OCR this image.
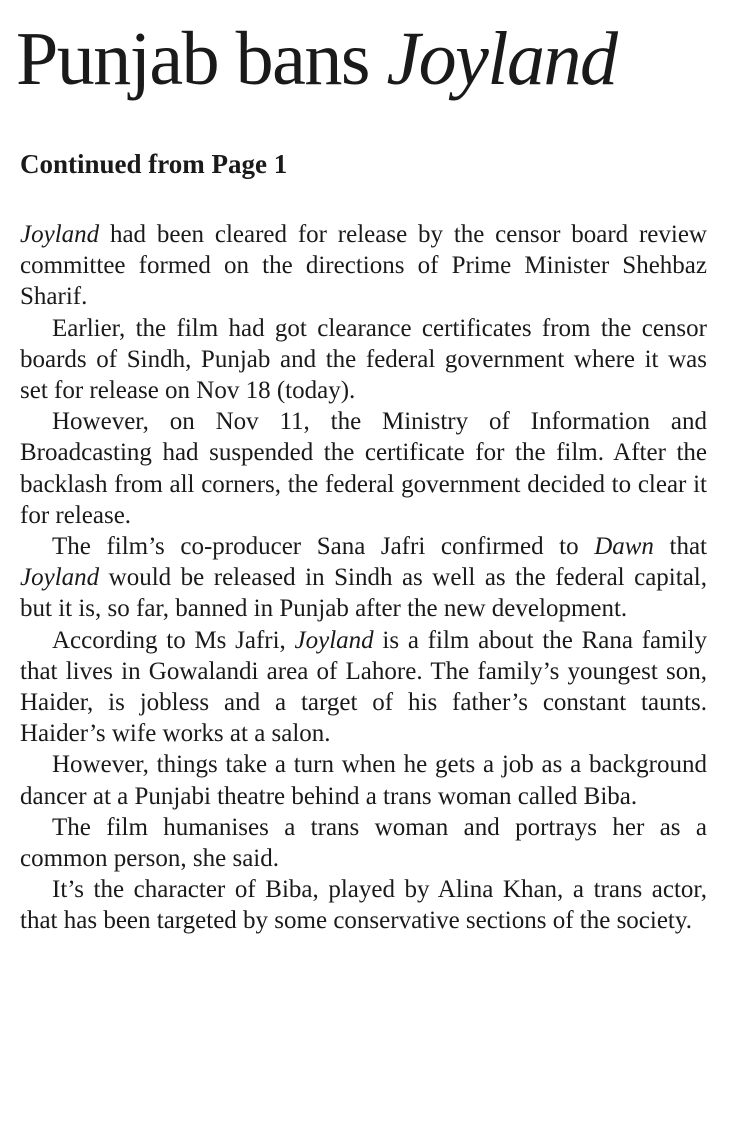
Punjab bans Joyland
Continued from Page 1

Joyland had been cleared for release by the censor board review committee formed on the directions of Prime Minister Shehbaz Sharif.

Earlier, the film had got clearance certificates from the censor boards of Sindh, Punjab and the federal government where it was set for release on Nov 18 (today).

However, on Nov 11, the Ministry of Information and Broadcasting had suspended the certificate for the film. After the backlash from all corners, the federal government decided to clear it for release.

The film’s co-producer Sana Jafri confirmed to Dawn that Joyland would be released in Sindh as well as the federal capital, but it is, so far, banned in Punjab after the new development.

According to Ms Jafri, Joyland is a film about the Rana family that lives in Gowalandi area of Lahore. The family’s youngest son, Haider, is jobless and a target of his father’s constant taunts. Haider’s wife works at a salon.

However, things take a turn when he gets a job as a background dancer at a Punjabi theatre behind a trans woman called Biba.

The film humanises a trans woman and portrays her as a common person, she said.

It’s the character of Biba, played by Alina Khan, a trans actor, that has been targeted by some conservative sections of the society.
